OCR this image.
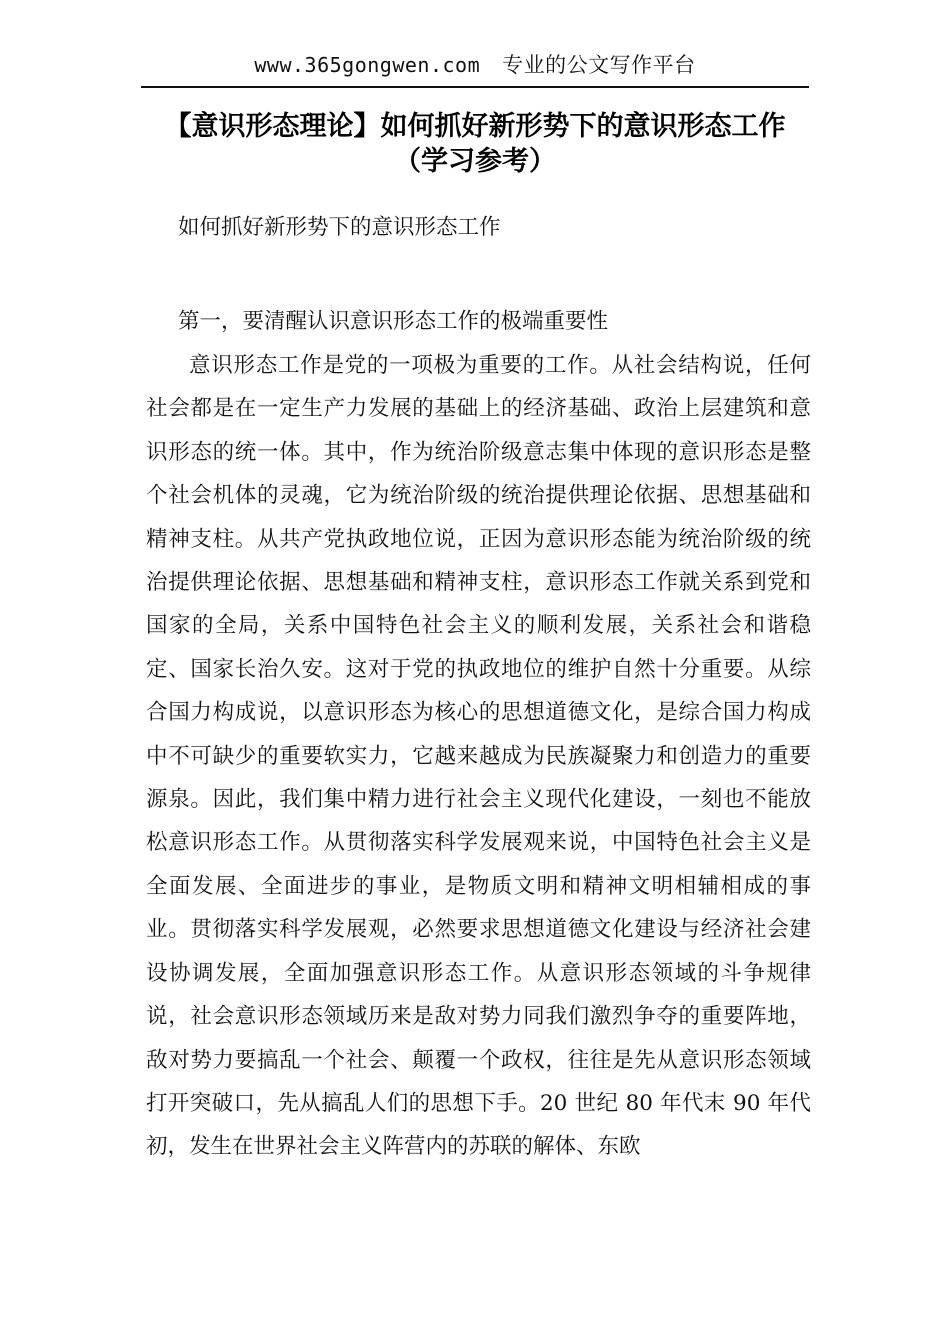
www.365gongwen.com 专业的公文写作平台
【意识形态理论】如何抓好新形势下的意识形态工作
（学习参考）

如何抓好新形势下的意识形态工作

第一，要清醒认识意识形态工作的极端重要性

意识形态工作是党的一项极为重要的工作。从社会结构说，任何社会都是在一定生产力发展的基础上的经济基础、政治上层建筑和意识形态的统一体。其中，作为统治阶级意志集中体现的意识形态是整个社会机体的灵魂，它为统治阶级的统治提供理论依据、思想基础和精神支柱。从共产党执政地位说，正因为意识形态能为统治阶级的统治提供理论依据、思想基础和精神支柱，意识形态工作就关系到党和国家的全局，关系中国特色社会主义的顺利发展，关系社会和谐稳定、国家长治久安。这对于党的执政地位的维护自然十分重要。从综合国力构成说，以意识形态为核心的思想道德文化，是综合国力构成中不可缺少的重要软实力，它越来越成为民族凝聚力和创造力的重要源泉。因此，我们集中精力进行社会主义现代化建设，一刻也不能放松意识形态工作。从贯彻落实科学发展观来说，中国特色社会主义是全面发展、全面进步的事业，是物质文明和精神文明相辅相成的事业。贯彻落实科学发展观，必然要求思想道德文化建设与经济社会建设协调发展，全面加强意识形态工作。从意识形态领域的斗争规律说，社会意识形态领域历来是敌对势力同我们激烈争夺的重要阵地，敌对势力要搞乱一个社会、颠覆一个政权，往往是先从意识形态领域打开突破口，先从搞乱人们的思想下手。20 世纪 80 年代末 90 年代初，发生在世界社会主义阵营内的苏联的解体、东欧
